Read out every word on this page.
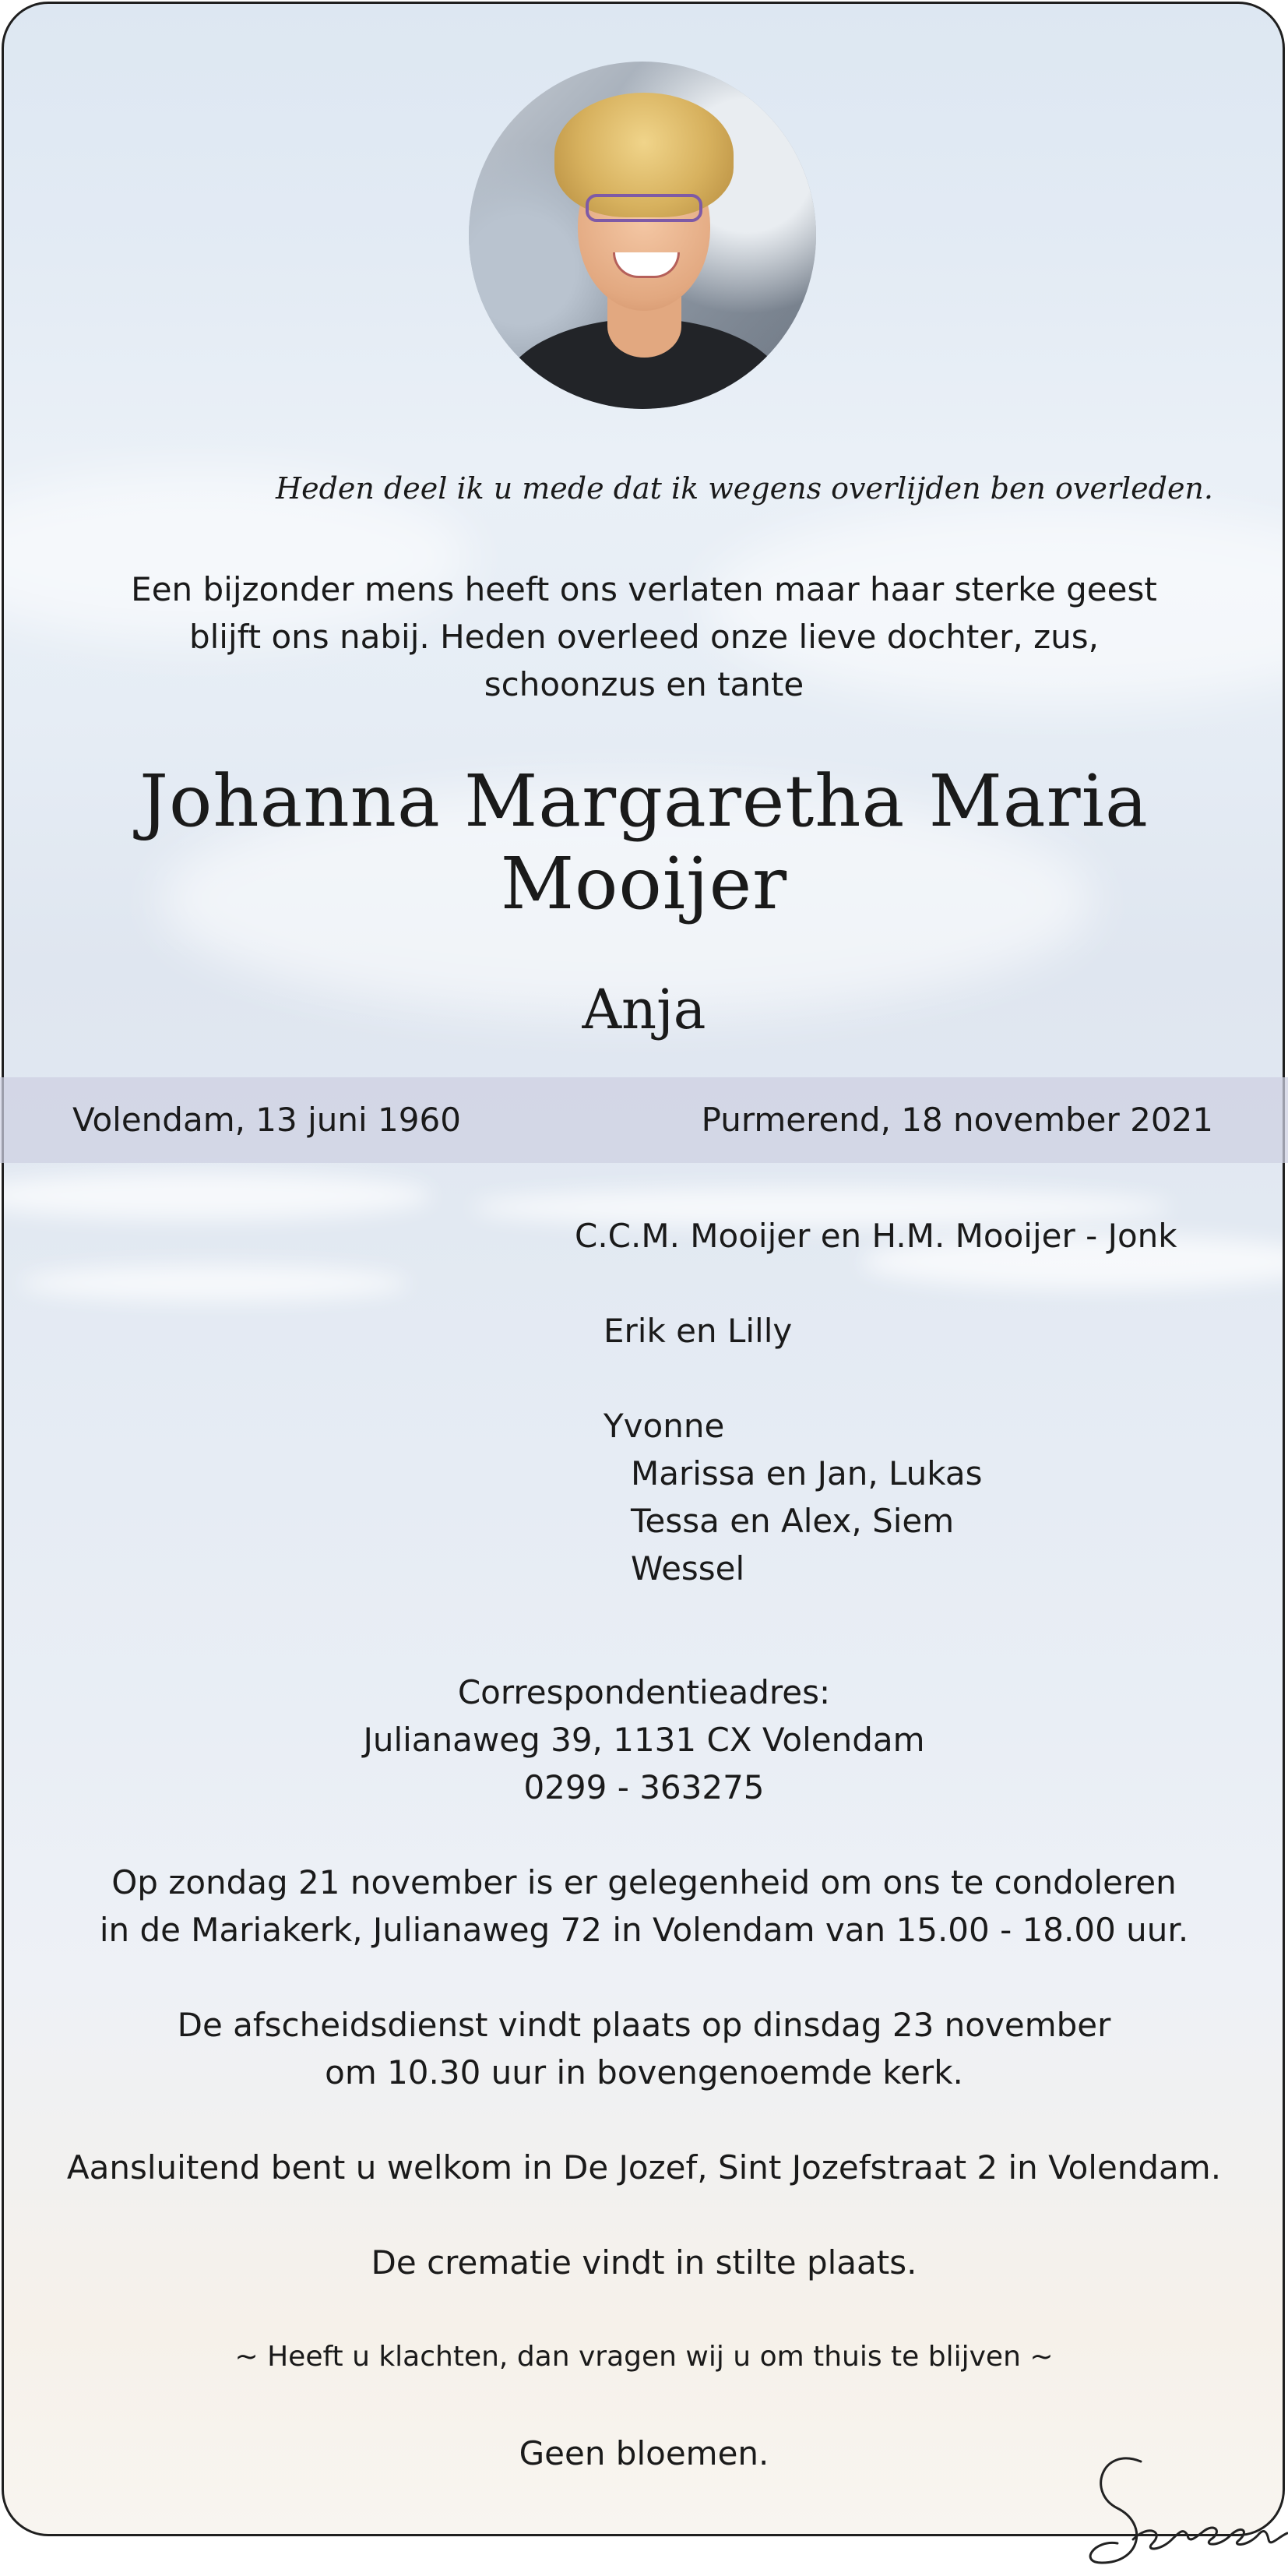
Heden deel ik u mede dat ik wegens overlijden ben overleden.
Een bijzonder mens heeft ons verlaten maar haar sterke geest
blijft ons nabij. Heden overleed onze lieve dochter, zus,
schoonzus en tante
Johanna Margaretha Maria
Mooijer
Anja
Volendam, 13 juni 1960	Purmerend, 18 november 2021
C.C.M. Mooijer en H.M. Mooijer - Jonk
Erik en Lilly
Yvonne
Marissa en Jan, Lukas
Tessa en Alex, Siem
Wessel
Correspondentieadres:
Julianaweg 39, 1131 CX Volendam
0299 - 363275
Op zondag 21 november is er gelegenheid om ons te condoleren
in de Mariakerk, Julianaweg 72 in Volendam van 15.00 - 18.00 uur.
De afscheidsdienst vindt plaats op dinsdag 23 november
om 10.30 uur in bovengenoemde kerk.
Aansluitend bent u welkom in De Jozef, Sint Jozefstraat 2 in Volendam.
De crematie vindt in stilte plaats.
~ Heeft u klachten, dan vragen wij u om thuis te blijven ~
Geen bloemen.
